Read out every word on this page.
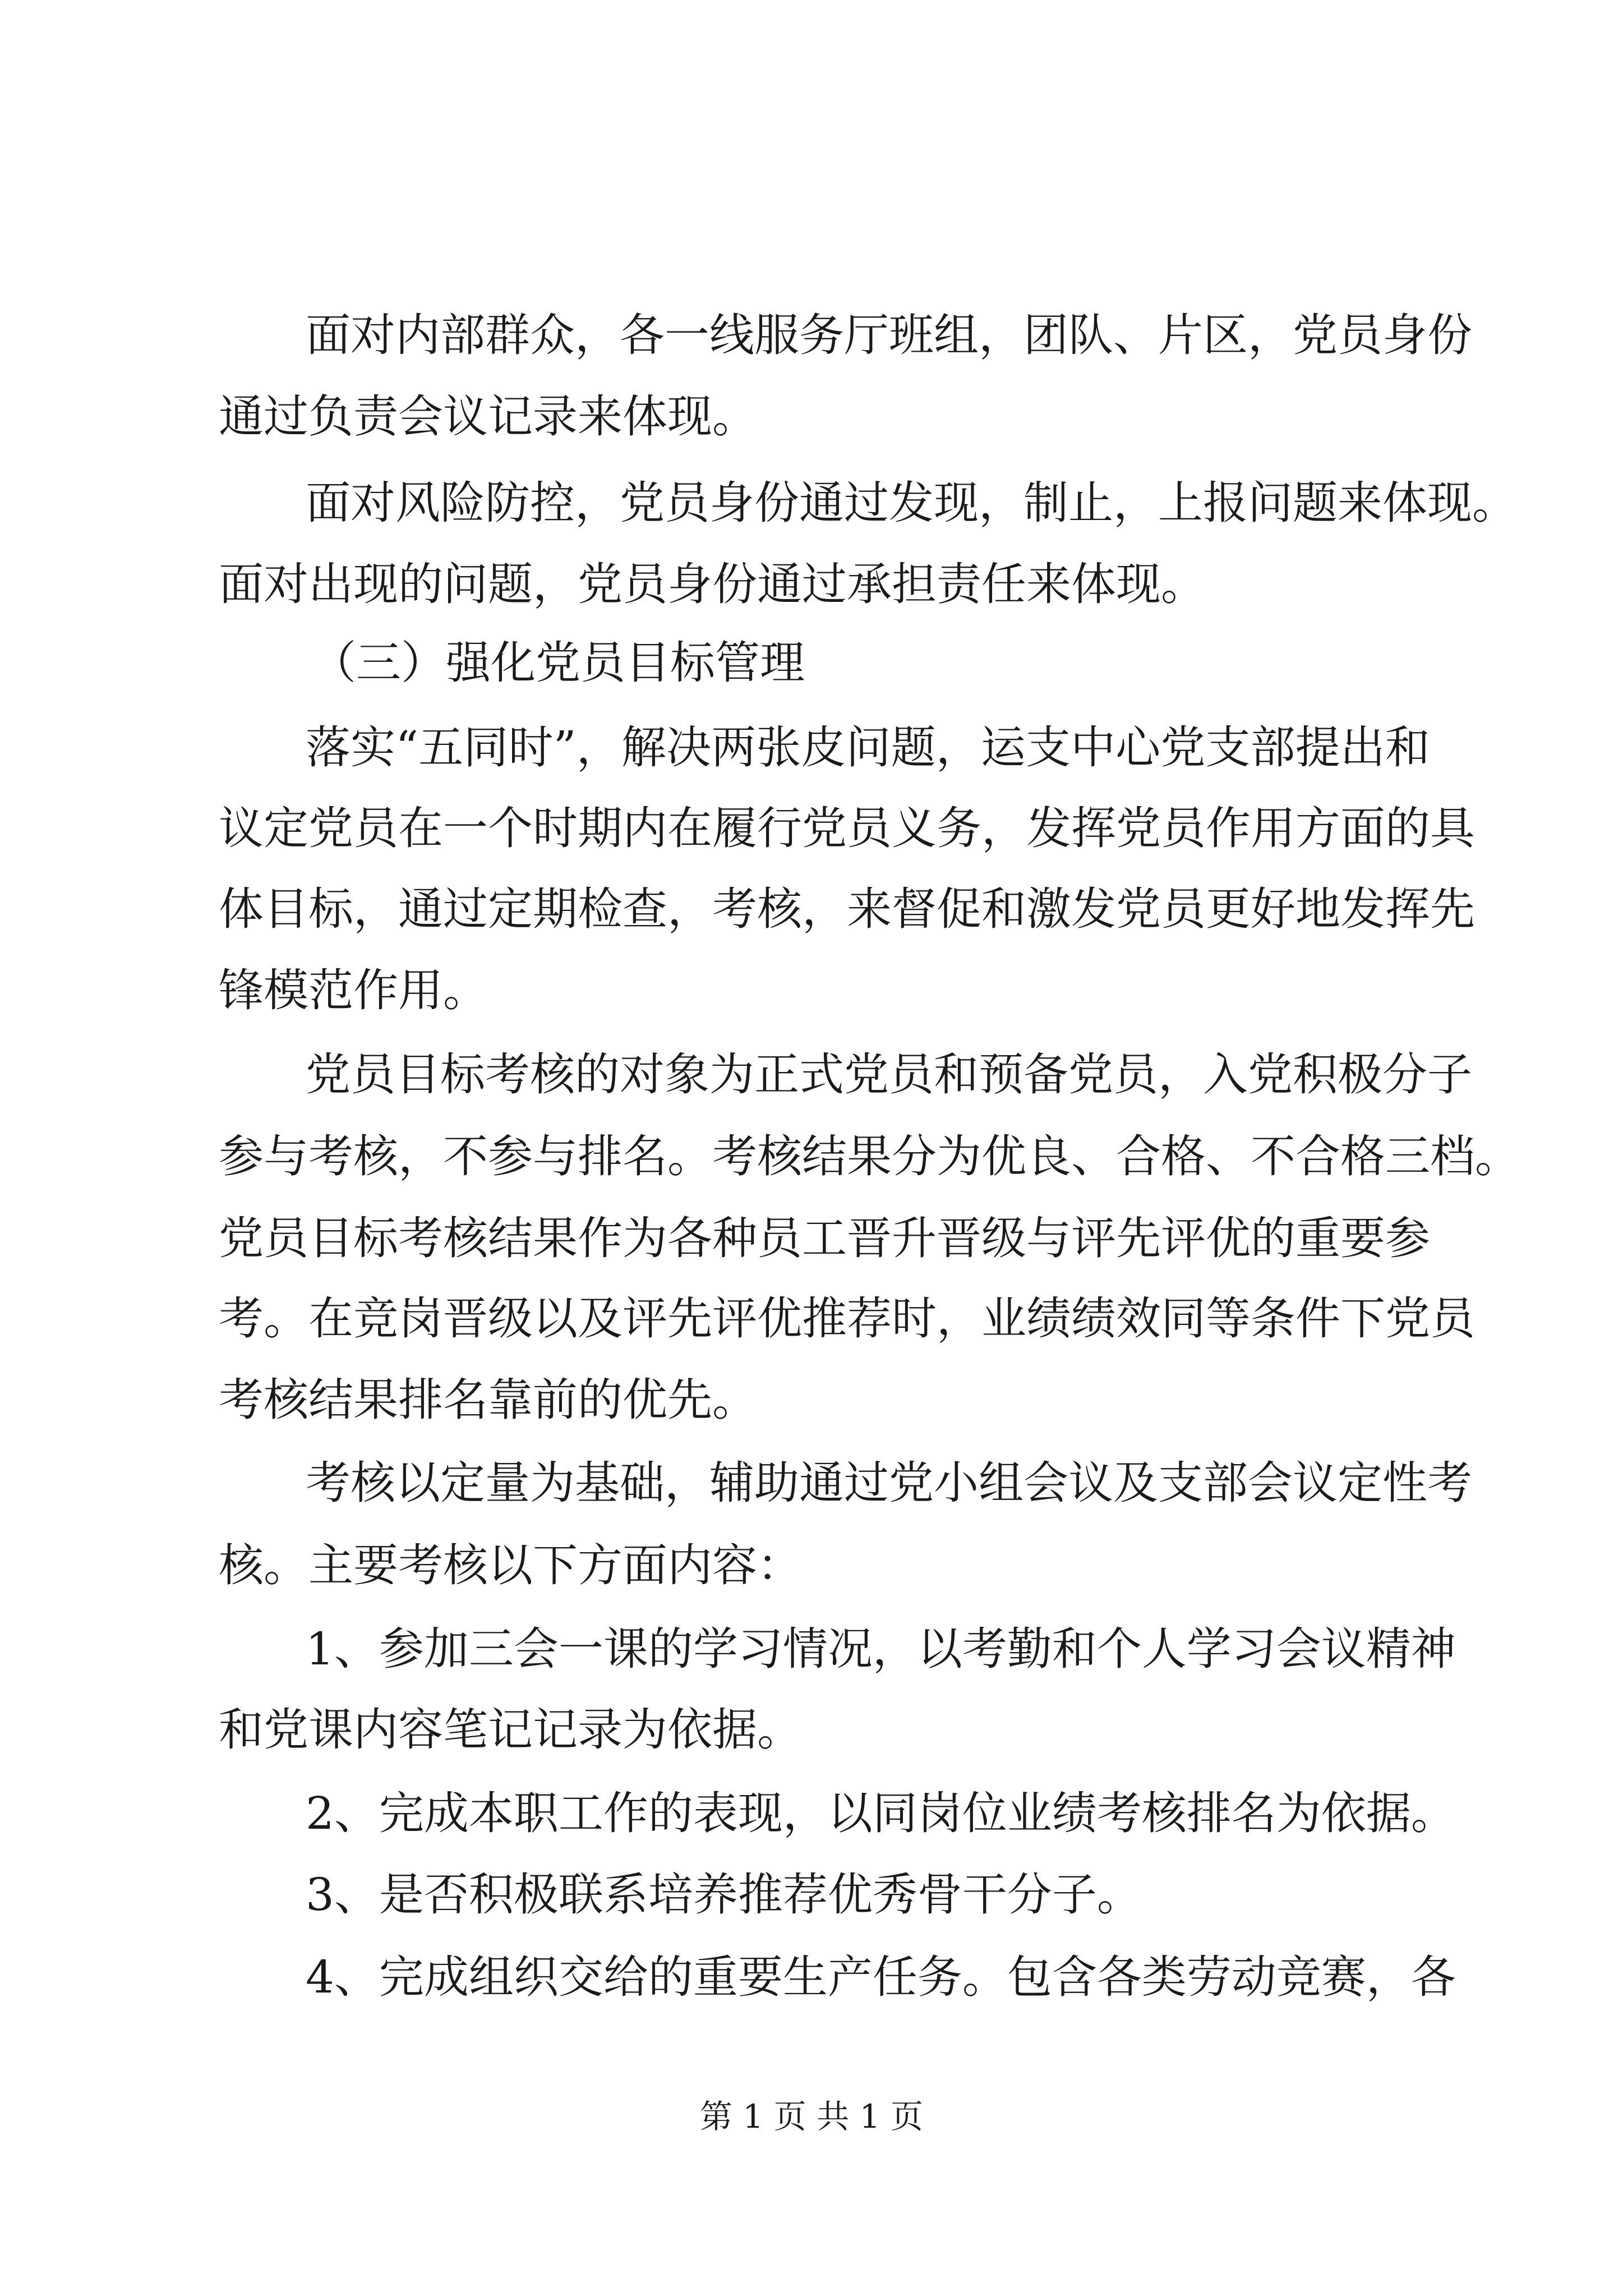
面对内部群众，各一线服务厅班组，团队、片区，党员身份
通过负责会议记录来体现。
面对风险防控，党员身份通过发现，制止，上报问题来体现。
面对出现的问题，党员身份通过承担责任来体现。
（三）强化党员目标管理
落实“五同时”，解决两张皮问题，运支中心党支部提出和
议定党员在一个时期内在履行党员义务，发挥党员作用方面的具
体目标，通过定期检查，考核，来督促和激发党员更好地发挥先
锋模范作用。
党员目标考核的对象为正式党员和预备党员，入党积极分子
参与考核，不参与排名。考核结果分为优良、合格、不合格三档。
党员目标考核结果作为各种员工晋升晋级与评先评优的重要参
考。在竞岗晋级以及评先评优推荐时，业绩绩效同等条件下党员
考核结果排名靠前的优先。
考核以定量为基础，辅助通过党小组会议及支部会议定性考
核。主要考核以下方面内容：
1、参加三会一课的学习情况，以考勤和个人学习会议精神
和党课内容笔记记录为依据。
2、完成本职工作的表现，以同岗位业绩考核排名为依据。
3、是否积极联系培养推荐优秀骨干分子。
4、完成组织交给的重要生产任务。包含各类劳动竞赛，各
第 1 页 共 1 页
